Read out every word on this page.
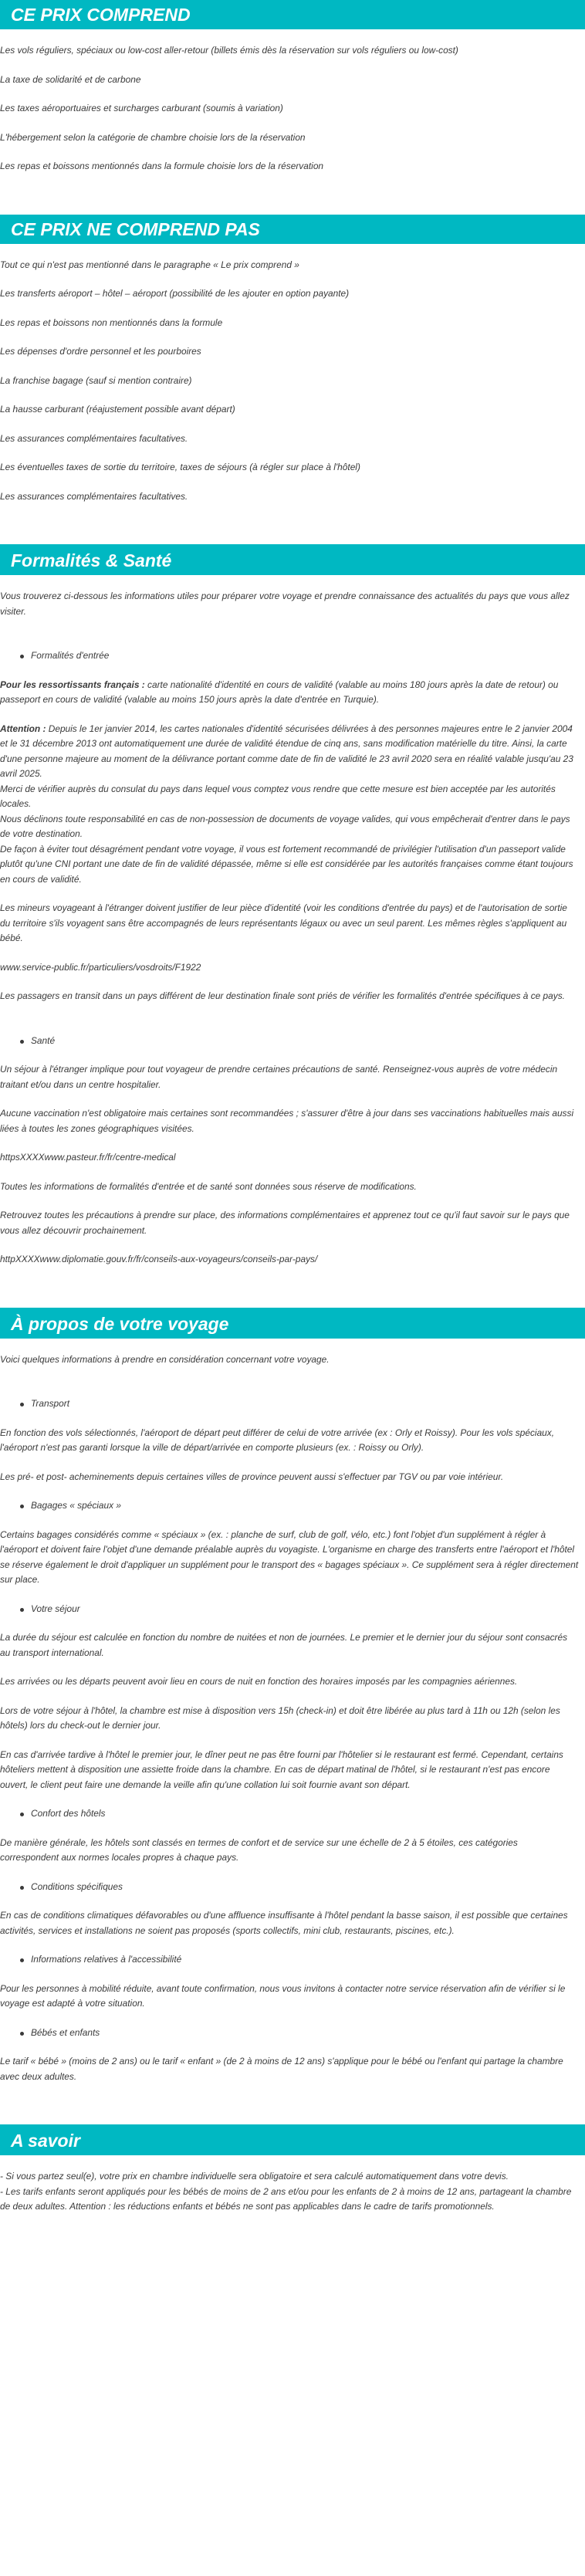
CE PRIX COMPREND

Les vols réguliers, spéciaux ou low-cost aller-retour (billets émis dès la réservation sur vols réguliers ou low-cost)

La taxe de solidarité et de carbone

Les taxes aéroportuaires et surcharges carburant (soumis à variation)

L'hébergement selon la catégorie de chambre choisie lors de la réservation

Les repas et boissons mentionnés dans la formule choisie lors de la réservation

CE PRIX NE COMPREND PAS

Tout ce qui n'est pas mentionné dans le paragraphe « Le prix comprend »

Les transferts aéroport – hôtel – aéroport (possibilité de les ajouter en option payante)

Les repas et boissons non mentionnés dans la formule

Les dépenses d'ordre personnel et les pourboires

La franchise bagage (sauf si mention contraire)

La hausse carburant (réajustement possible avant départ)

Les assurances complémentaires facultatives.

Les éventuelles taxes de sortie du territoire, taxes de séjours (à régler sur place à l'hôtel)

Les assurances complémentaires facultatives.

Formalités & Santé

Vous trouverez ci-dessous les informations utiles pour préparer votre voyage et prendre connaissance des actualités du pays que vous allez visiter.

Formalités d'entrée

Pour les ressortissants français : carte nationalité d'identité en cours de validité (valable au moins 180 jours après la date de retour) ou passeport en cours de validité (valable au moins 150 jours après la date d'entrée en Turquie).

Attention : Depuis le 1er janvier 2014, les cartes nationales d'identité sécurisées délivrées à des personnes majeures entre le 2 janvier 2004 et le 31 décembre 2013 ont automatiquement une durée de validité étendue de cinq ans, sans modification matérielle du titre. Ainsi, la carte d'une personne majeure au moment de la délivrance portant comme date de fin de validité le 23 avril 2020 sera en réalité valable jusqu'au 23 avril 2025.

Merci de vérifier auprès du consulat du pays dans lequel vous comptez vous rendre que cette mesure est bien acceptée par les autorités locales.

Nous déclinons toute responsabilité en cas de non-possession de documents de voyage valides, qui vous empêcherait d'entrer dans le pays de votre destination.

De façon à éviter tout désagrément pendant votre voyage, il vous est fortement recommandé de privilégier l'utilisation d'un passeport valide plutôt qu'une CNI portant une date de fin de validité dépassée, même si elle est considérée par les autorités françaises comme étant toujours en cours de validité.

Les mineurs voyageant à l'étranger doivent justifier de leur pièce d'identité (voir les conditions d'entrée du pays) et de l'autorisation de sortie du territoire s'ils voyagent sans être accompagnés de leurs représentants légaux ou avec un seul parent. Les mêmes règles s'appliquent au bébé.

www.service-public.fr/particuliers/vosdroits/F1922

Les passagers en transit dans un pays différent de leur destination finale sont priés de vérifier les formalités d'entrée spécifiques à ce pays.

Santé

Un séjour à l'étranger implique pour tout voyageur de prendre certaines précautions de santé. Renseignez-vous auprès de votre médecin traitant et/ou dans un centre hospitalier.

Aucune vaccination n'est obligatoire mais certaines sont recommandées ; s'assurer d'être à jour dans ses vaccinations habituelles mais aussi liées à toutes les zones géographiques visitées.

httpsXXXXwww.pasteur.fr/fr/centre-medical

Toutes les informations de formalités d'entrée et de santé sont données sous réserve de modifications.

Retrouvez toutes les précautions à prendre sur place, des informations complémentaires et apprenez tout ce qu'il faut savoir sur le pays que vous allez découvrir prochainement.

httpXXXXwww.diplomatie.gouv.fr/fr/conseils-aux-voyageurs/conseils-par-pays/

À propos de votre voyage

Voici quelques informations à prendre en considération concernant votre voyage.

Transport

En fonction des vols sélectionnés, l'aéroport de départ peut différer de celui de votre arrivée (ex : Orly et Roissy). Pour les vols spéciaux, l'aéroport n'est pas garanti lorsque la ville de départ/arrivée en comporte plusieurs (ex. : Roissy ou Orly).

Les pré- et post- acheminements depuis certaines villes de province peuvent aussi s'effectuer par TGV ou par voie intérieur.

Bagages « spéciaux »

Certains bagages considérés comme « spéciaux » (ex. : planche de surf, club de golf, vélo, etc.) font l'objet d'un supplément à régler à l'aéroport et doivent faire l'objet d'une demande préalable auprès du voyagiste. L'organisme en charge des transferts entre l'aéroport et l'hôtel se réserve également le droit d'appliquer un supplément pour le transport des « bagages spéciaux ». Ce supplément sera à régler directement sur place.

Votre séjour

La durée du séjour est calculée en fonction du nombre de nuitées et non de journées. Le premier et le dernier jour du séjour sont consacrés au transport international.

Les arrivées ou les départs peuvent avoir lieu en cours de nuit en fonction des horaires imposés par les compagnies aériennes.

Lors de votre séjour à l'hôtel, la chambre est mise à disposition vers 15h (check-in) et doit être libérée au plus tard à 11h ou 12h (selon les hôtels) lors du check-out le dernier jour.

En cas d'arrivée tardive à l'hôtel le premier jour, le dîner peut ne pas être fourni par l'hôtelier si le restaurant est fermé. Cependant, certains hôteliers mettent à disposition une assiette froide dans la chambre. En cas de départ matinal de l'hôtel, si le restaurant n'est pas encore ouvert, le client peut faire une demande la veille afin qu'une collation lui soit fournie avant son départ.

Confort des hôtels

De manière générale, les hôtels sont classés en termes de confort et de service sur une échelle de 2 à 5 étoiles, ces catégories correspondent aux normes locales propres à chaque pays.

Conditions spécifiques

En cas de conditions climatiques défavorables ou d'une affluence insuffisante à l'hôtel pendant la basse saison, il est possible que certaines activités, services et installations ne soient pas proposés (sports collectifs, mini club, restaurants, piscines, etc.).

Informations relatives à l'accessibilité

Pour les personnes à mobilité réduite, avant toute confirmation, nous vous invitons à contacter notre service réservation afin de vérifier si le voyage est adapté à votre situation.

Bébés et enfants

Le tarif « bébé » (moins de 2 ans) ou le tarif « enfant » (de 2 à moins de 12 ans) s'applique pour le bébé ou l'enfant qui partage la chambre avec deux adultes.

A savoir

- Si vous partez seul(e), votre prix en chambre individuelle sera obligatoire et sera calculé automatiquement dans votre devis.

- Les tarifs enfants seront appliqués pour les bébés de moins de 2 ans et/ou pour les enfants de 2 à moins de 12 ans, partageant la chambre de deux adultes. Attention : les réductions enfants et bébés ne sont pas applicables dans le cadre de tarifs promotionnels.
